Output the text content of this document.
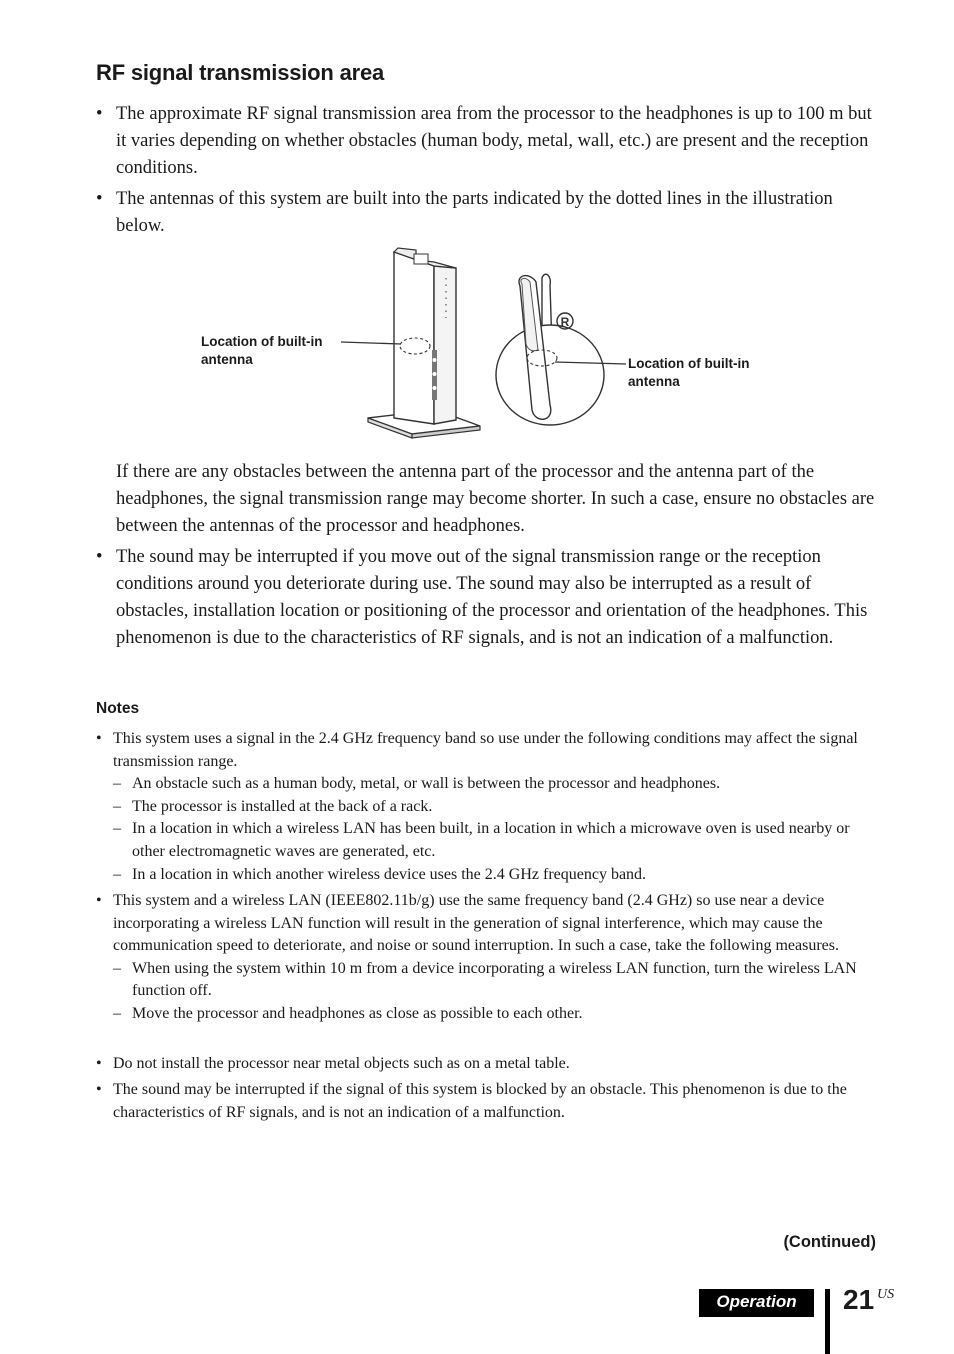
RF signal transmission area
• The approximate RF signal transmission area from the processor to the headphones is up to 100 m but it varies depending on whether obstacles (human body, metal, wall, etc.) are present and the reception conditions.
• The antennas of this system are built into the parts indicated by the dotted lines in the illustration below.
R
Location of built-in antenna	Location of built-in antenna
If there are any obstacles between the antenna part of the processor and the antenna part of the headphones, the signal transmission range may become shorter. In such a case, ensure no obstacles are between the antennas of the processor and headphones.
• The sound may be interrupted if you move out of the signal transmission range or the reception conditions around you deteriorate during use. The sound may also be interrupted as a result of obstacles, installation location or positioning of the processor and orientation of the headphones. This phenomenon is due to the characteristics of RF signals, and is not an indication of a malfunction.
Notes
• This system uses a signal in the 2.4 GHz frequency band so use under the following conditions may affect the signal transmission range.
– An obstacle such as a human body, metal, or wall is between the processor and headphones.
– The processor is installed at the back of a rack.
– In a location in which a wireless LAN has been built, in a location in which a microwave oven is used nearby or other electromagnetic waves are generated, etc.
– In a location in which another wireless device uses the 2.4 GHz frequency band.
• This system and a wireless LAN (IEEE802.11b/g) use the same frequency band (2.4 GHz) so use near a device incorporating a wireless LAN function will result in the generation of signal interference, which may cause the communication speed to deteriorate, and noise or sound interruption. In such a case, take the following measures.
– When using the system within 10 m from a device incorporating a wireless LAN function, turn the wireless LAN function off.
– Move the processor and headphones as close as possible to each other.
• Do not install the processor near metal objects such as on a metal table.
• The sound may be interrupted if the signal of this system is blocked by an obstacle. This phenomenon is due to the characteristics of RF signals, and is not an indication of a malfunction.
(Continued)
Operation	21 US
